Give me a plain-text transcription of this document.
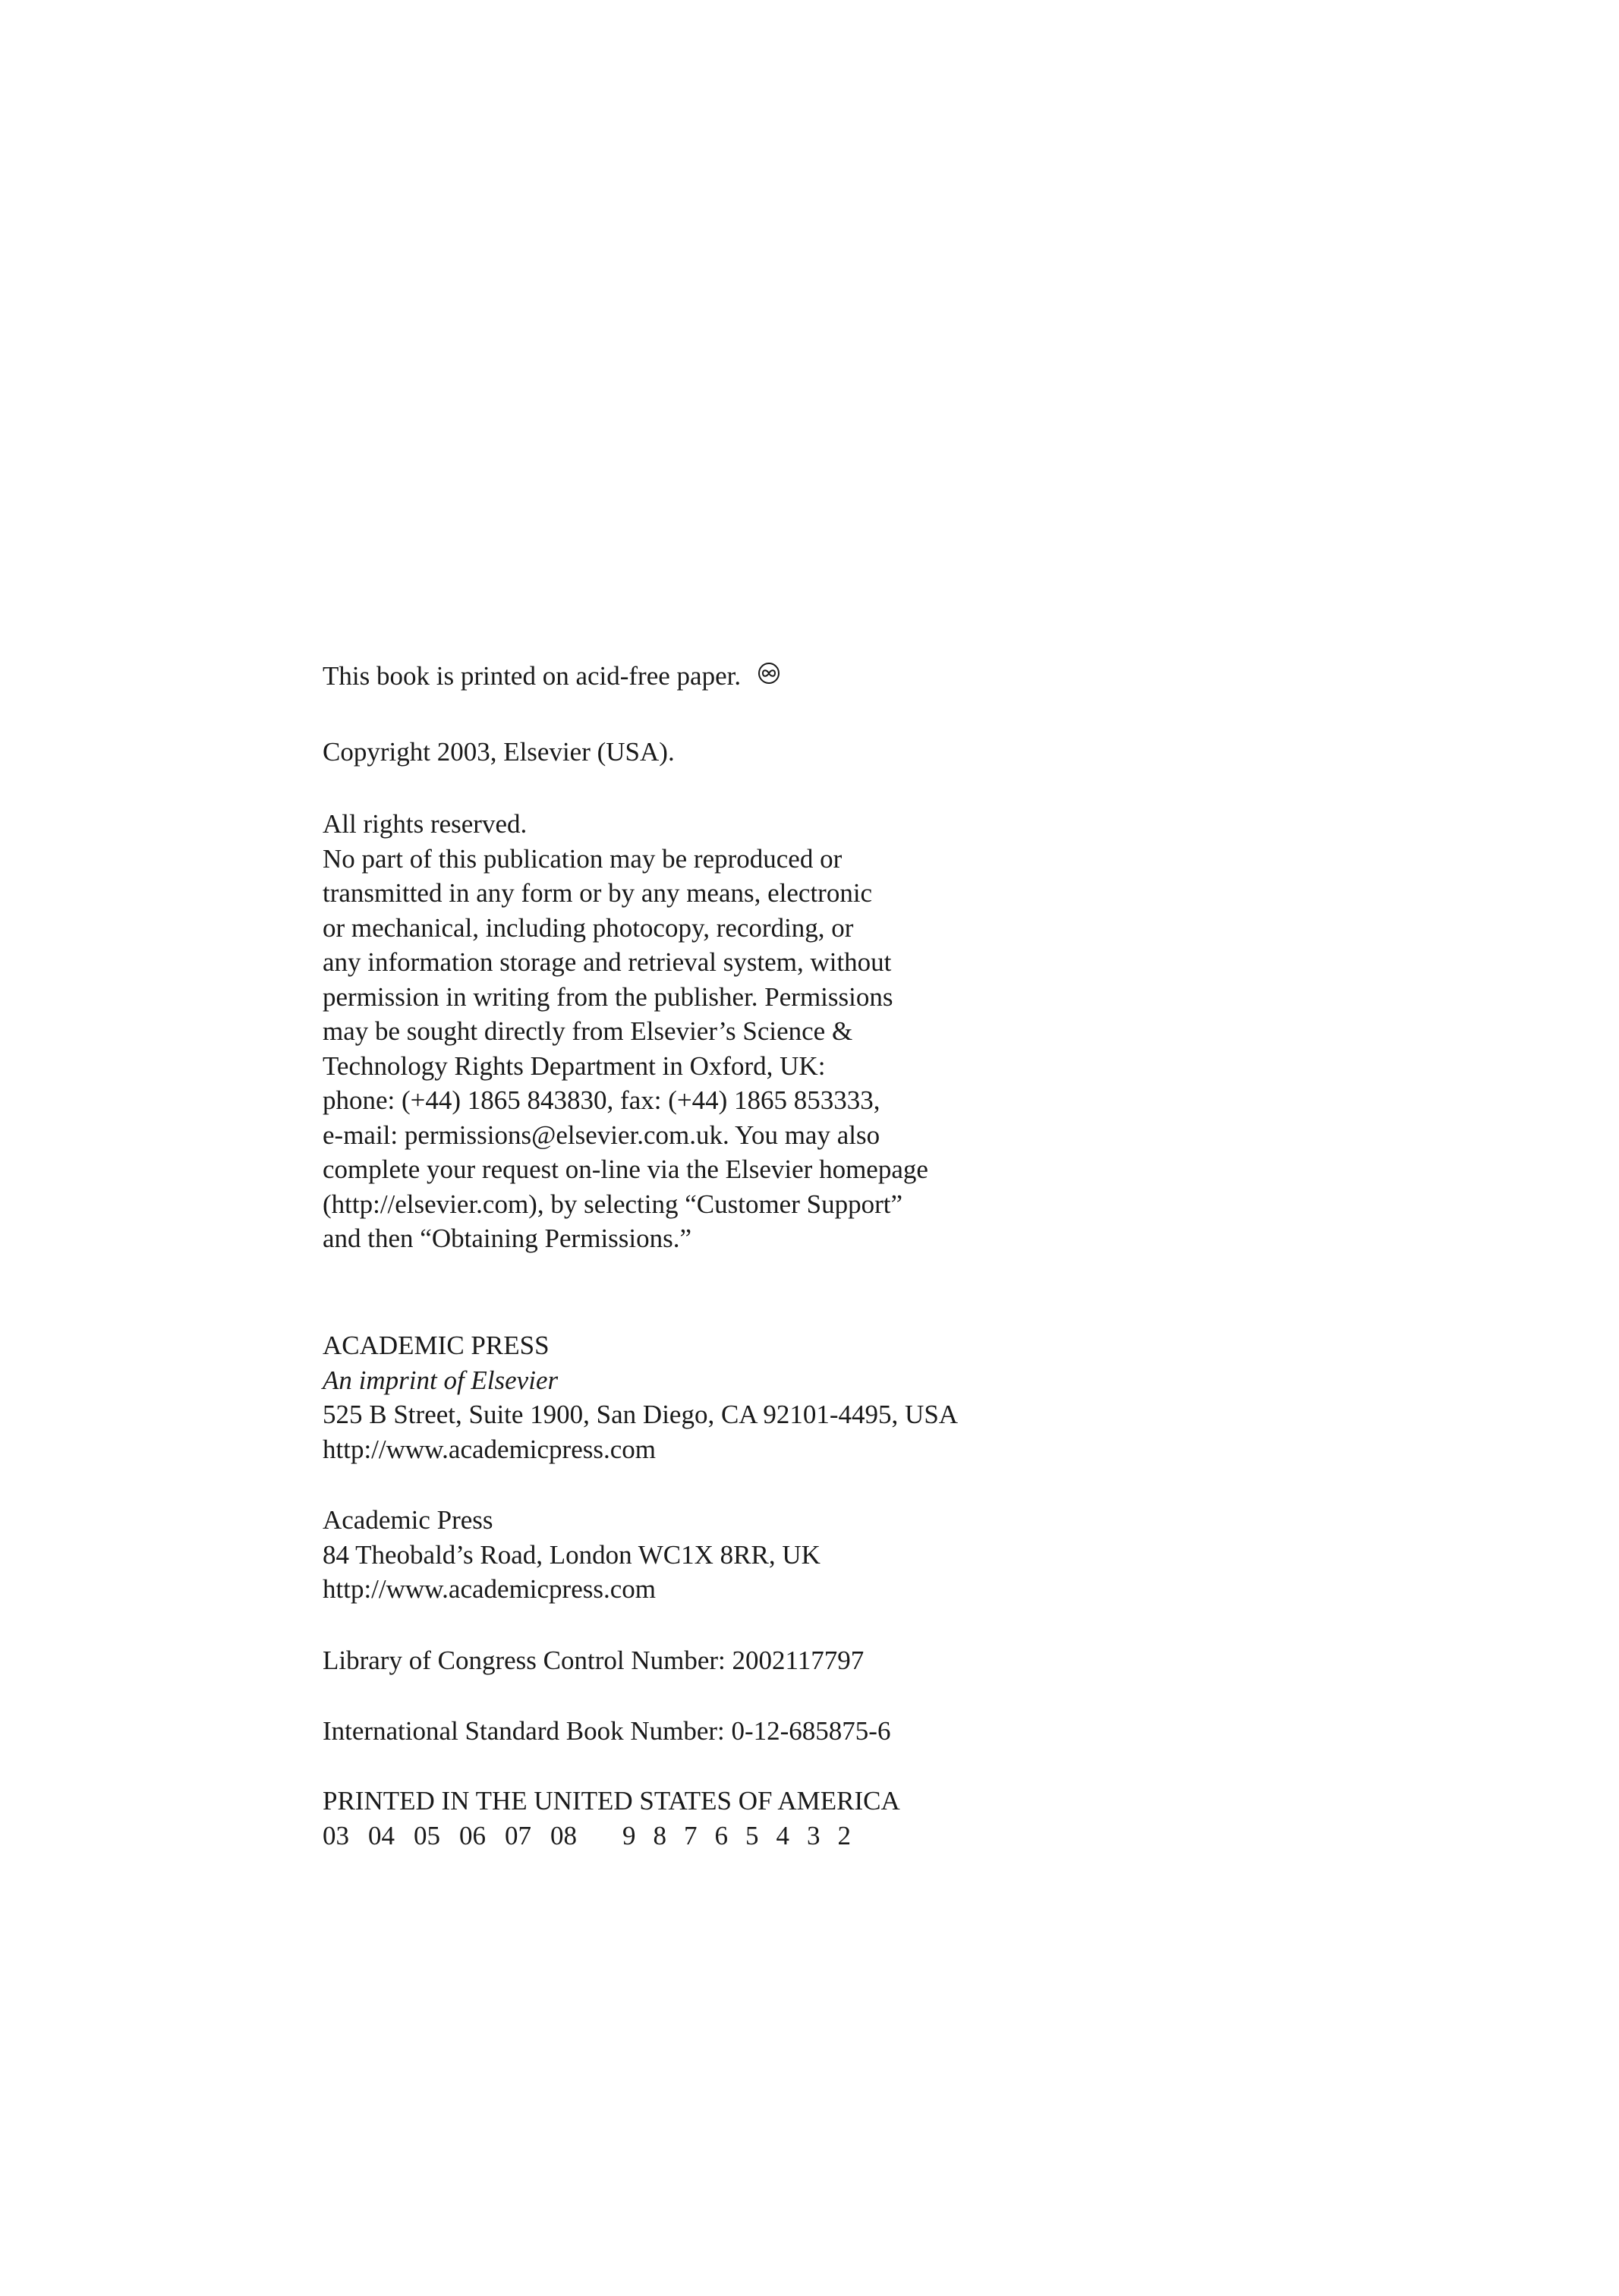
This book is printed on acid-free paper.
Copyright 2003, Elsevier (USA).
All rights reserved.
No part of this publication may be reproduced or
transmitted in any form or by any means, electronic
or mechanical, including photocopy, recording, or
any information storage and retrieval system, without
permission in writing from the publisher. Permissions
may be sought directly from Elsevier’s Science &
Technology Rights Department in Oxford, UK:
phone: (+44) 1865 843830, fax: (+44) 1865 853333,
e-mail: permissions@elsevier.com.uk. You may also
complete your request on-line via the Elsevier homepage
(http://elsevier.com), by selecting “Customer Support”
and then “Obtaining Permissions.”
ACADEMIC PRESS
An imprint of Elsevier
525 B Street, Suite 1900, San Diego, CA 92101-4495, USA
http://www.academicpress.com
Academic Press
84 Theobald’s Road, London WC1X 8RR, UK
http://www.academicpress.com
Library of Congress Control Number: 2002117797
International Standard Book Number: 0-12-685875-6
PRINTED IN THE UNITED STATES OF AMERICA
03 04 05 06 07 08	9 8 7 6 5 4 3 2
